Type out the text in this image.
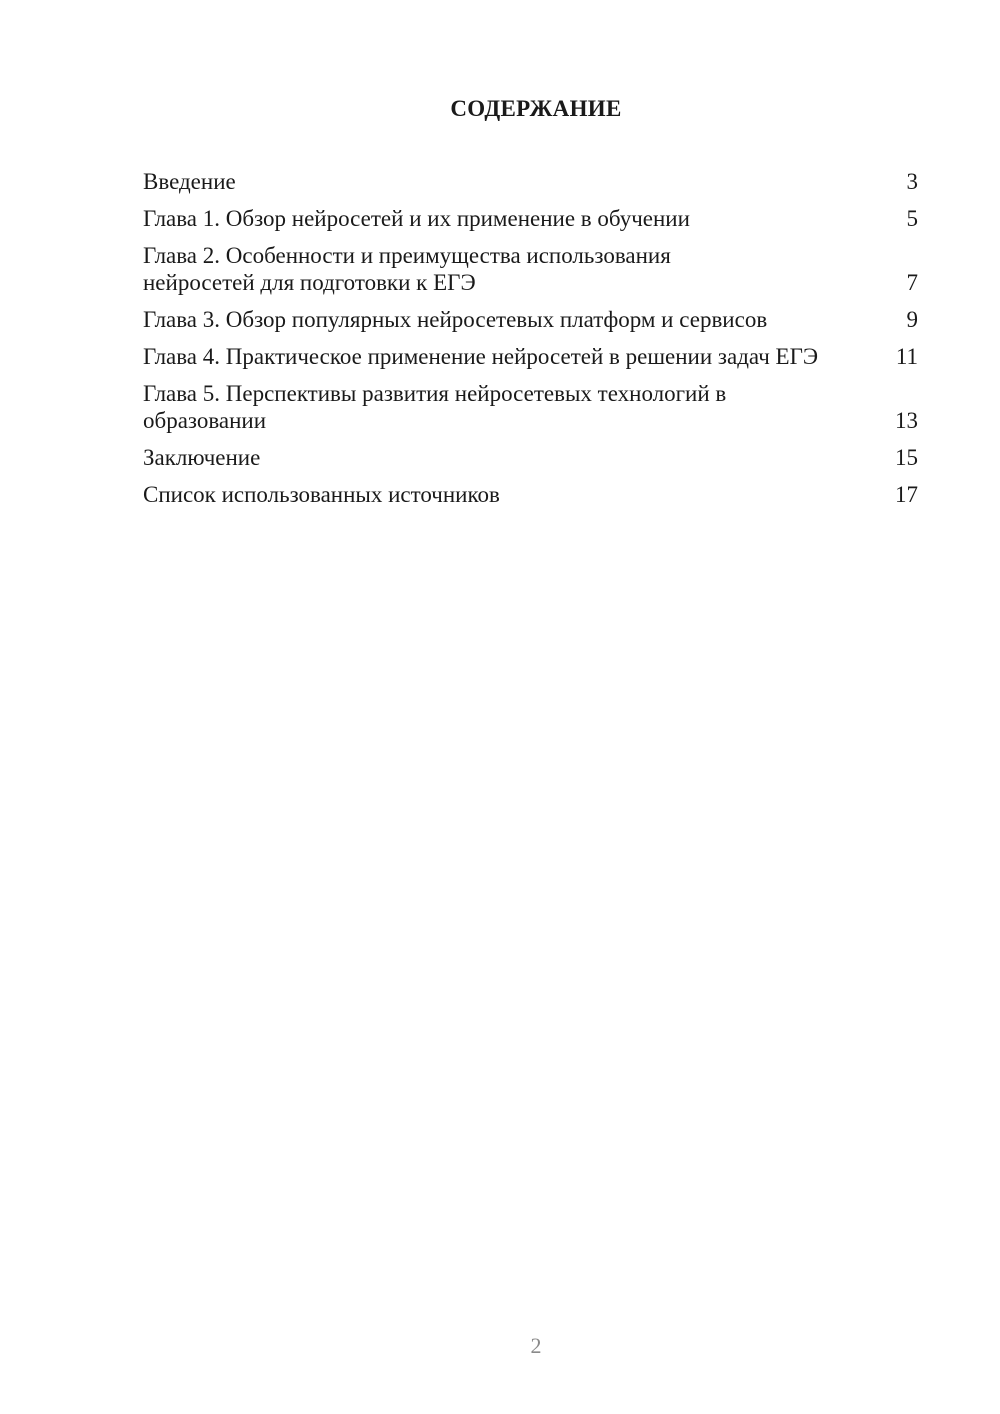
СОДЕРЖАНИЕ
Введение	3
Глава 1. Обзор нейросетей и их применение в обучении	5
Глава 2. Особенности и преимущества использования нейросетей для подготовки к ЕГЭ	7
Глава 3. Обзор популярных нейросетевых платформ и сервисов	9
Глава 4. Практическое применение нейросетей в решении задач ЕГЭ	11
Глава 5. Перспективы развития нейросетевых технологий в образовании	13
Заключение	15
Список использованных источников	17
2
